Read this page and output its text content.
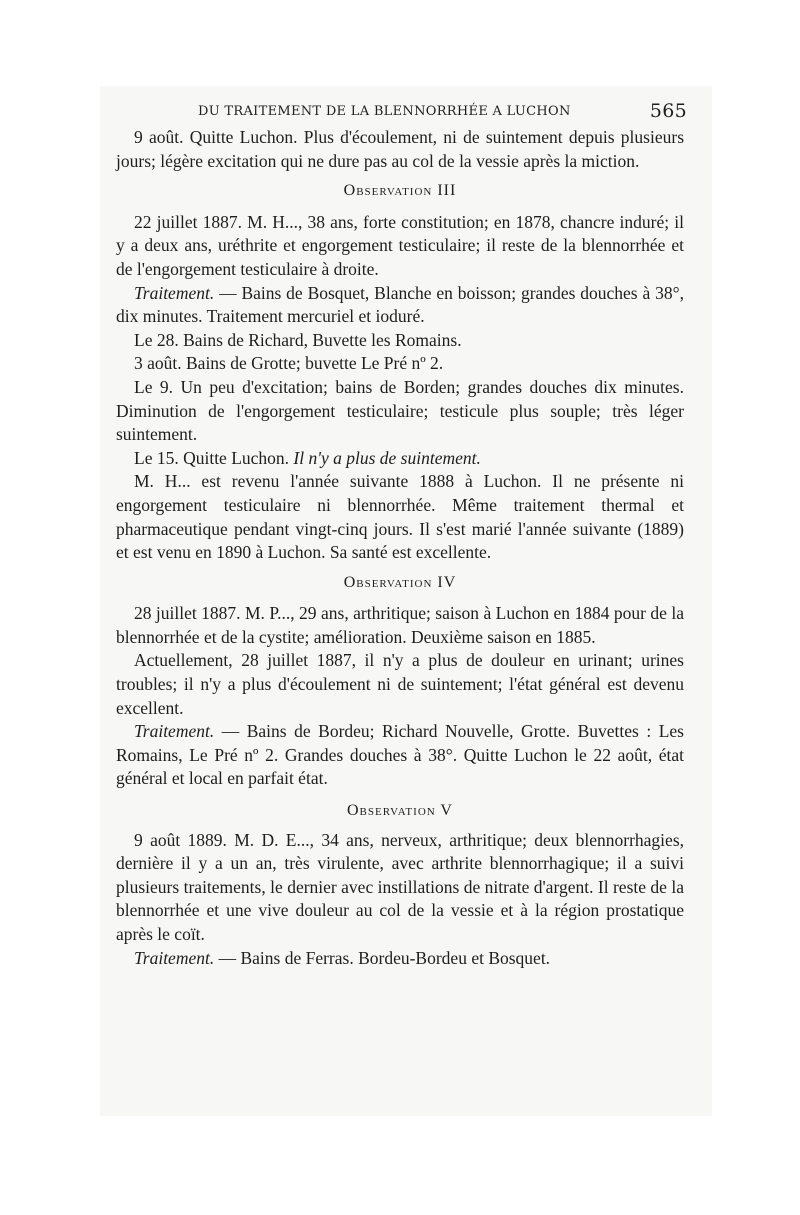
DU TRAITEMENT DE LA BLENNORRHÉE A LUCHON	565

9 août. Quitte Luchon. Plus d'écoulement, ni de suintement depuis plusieurs jours; légère excitation qui ne dure pas au col de la vessie après la miction.

Observation III

22 juillet 1887. M. H..., 38 ans, forte constitution; en 1878, chancre induré; il y a deux ans, uréthrite et engorgement testiculaire; il reste de la blennorrhée et de l'engorgement testiculaire à droite.

Traitement. — Bains de Bosquet, Blanche en boisson; grandes douches à 38°, dix minutes. Traitement mercuriel et ioduré.

Le 28. Bains de Richard, Buvette les Romains.

3 août. Bains de Grotte; buvette Le Pré nº 2.

Le 9. Un peu d'excitation; bains de Borden; grandes douches dix minutes. Diminution de l'engorgement testiculaire; testicule plus souple; très léger suintement.

Le 15. Quitte Luchon. Il n'y a plus de suintement.

M. H... est revenu l'année suivante 1888 à Luchon. Il ne présente ni engorgement testiculaire ni blennorrhée. Même traitement thermal et pharmaceutique pendant vingt-cinq jours. Il s'est marié l'année suivante (1889) et est venu en 1890 à Luchon. Sa santé est excellente.

Observation IV

28 juillet 1887. M. P..., 29 ans, arthritique; saison à Luchon en 1884 pour de la blennorrhée et de la cystite; amélioration. Deuxième saison en 1885.

Actuellement, 28 juillet 1887, il n'y a plus de douleur en urinant; urines troubles; il n'y a plus d'écoulement ni de suintement; l'état général est devenu excellent.

Traitement. — Bains de Bordeu; Richard Nouvelle, Grotte. Buvettes : Les Romains, Le Pré nº 2. Grandes douches à 38°. Quitte Luchon le 22 août, état général et local en parfait état.

Observation V

9 août 1889. M. D. E..., 34 ans, nerveux, arthritique; deux blennorrhagies, dernière il y a un an, très virulente, avec arthrite blennorrhagique; il a suivi plusieurs traitements, le dernier avec instillations de nitrate d'argent. Il reste de la blennorrhée et une vive douleur au col de la vessie et à la région prostatique après le coït.

Traitement. — Bains de Ferras. Bordeu-Bordeu et Bosquet.
